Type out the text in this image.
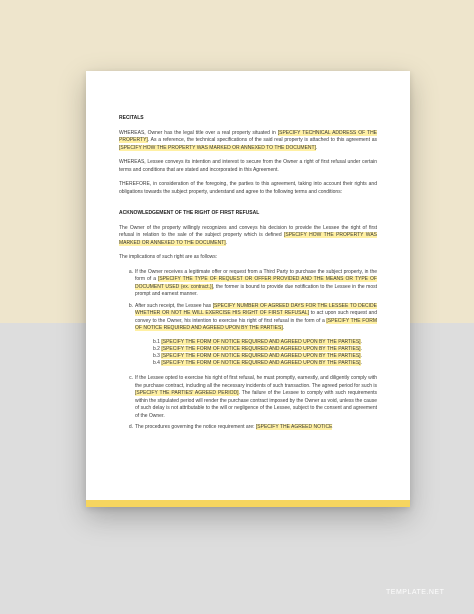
RECITALS

WHEREAS, Owner has the legal title over a real property situated in [SPECIFY TECHNICAL ADDRESS OF THE PROPERTY]. As a reference, the technical specifications of the said real property is attached to this agreement as [SPECIFY HOW THE PROPERTY WAS MARKED OR ANNEXED TO THE DOCUMENT].

WHEREAS, Lessee conveys its intention and interest to secure from the Owner a right of first refusal under certain terms and conditions that are stated and incorporated in this Agreement.

THEREFORE, in consideration of the foregoing, the parties to this agreement, taking into account their rights and obligations towards the subject property, understand and agree to the following terms and conditions:

ACKNOWLEDGEMENT OF THE RIGHT OF FIRST REFUSAL

The Owner of the property willingly recognizes and conveys his decision to provide the Lessee the right of first refusal in relation to the sale of the subject property which is defined [SPECIFY HOW THE PROPERTY WAS MARKED OR ANNEXED TO THE DOCUMENT].

The implications of such right are as follows:

a. If the Owner receives a legitimate offer or request from a Third Party to purchase the subject property, in the form of a [SPECIFY THE TYPE OF REQUEST OR OFFER PROVIDED AND THE MEANS OR TYPE OF DOCUMENT USED (ex. contract.)], the former is bound to provide due notification to the Lessee in the most prompt and earnest manner.
b. After such receipt, the Lessee has [SPECIFY NUMBER OF AGREED DAYS FOR THE LESSEE TO DECIDE WHETHER OR NOT HE WILL EXERCISE HIS RIGHT OF FIRST REFUSAL] to act upon such request and convey to the Owner, his intention to exercise his right of first refusal in the form of a [SPECIFY THE FORM OF NOTICE REQUIRED AND AGREED UPON BY THE PARTIES].
b.1 [SPECIFY THE FORM OF NOTICE REQUIRED AND AGREED UPON BY THE PARTIES].
b.2 [SPECIFY THE FORM OF NOTICE REQUIRED AND AGREED UPON BY THE PARTIES].
b.3 [SPECIFY THE FORM OF NOTICE REQUIRED AND AGREED UPON BY THE PARTIES].
b.4 [SPECIFY THE FORM OF NOTICE REQUIRED AND AGREED UPON BY THE PARTIES].
c. If the Lessee opted to exercise his right of first refusal, he must promptly, earnestly, and diligently comply with the purchase contract, including all the necessary incidents of such transaction. The agreed period for such is [SPECIFY THE PARTIES' AGREED PERIOD]. The failure of the Lessee to comply with such requirements within the stipulated period will render the purchase contract imposed by the Owner as void, unless the cause of such delay is not attributable to the will or negligence of the Lessee, subject to the consent and agreement of the Owner.
d. The procedures governing the notice requirement are: [SPECIFY THE AGREED NOTICE
TEMPLATE.NET
